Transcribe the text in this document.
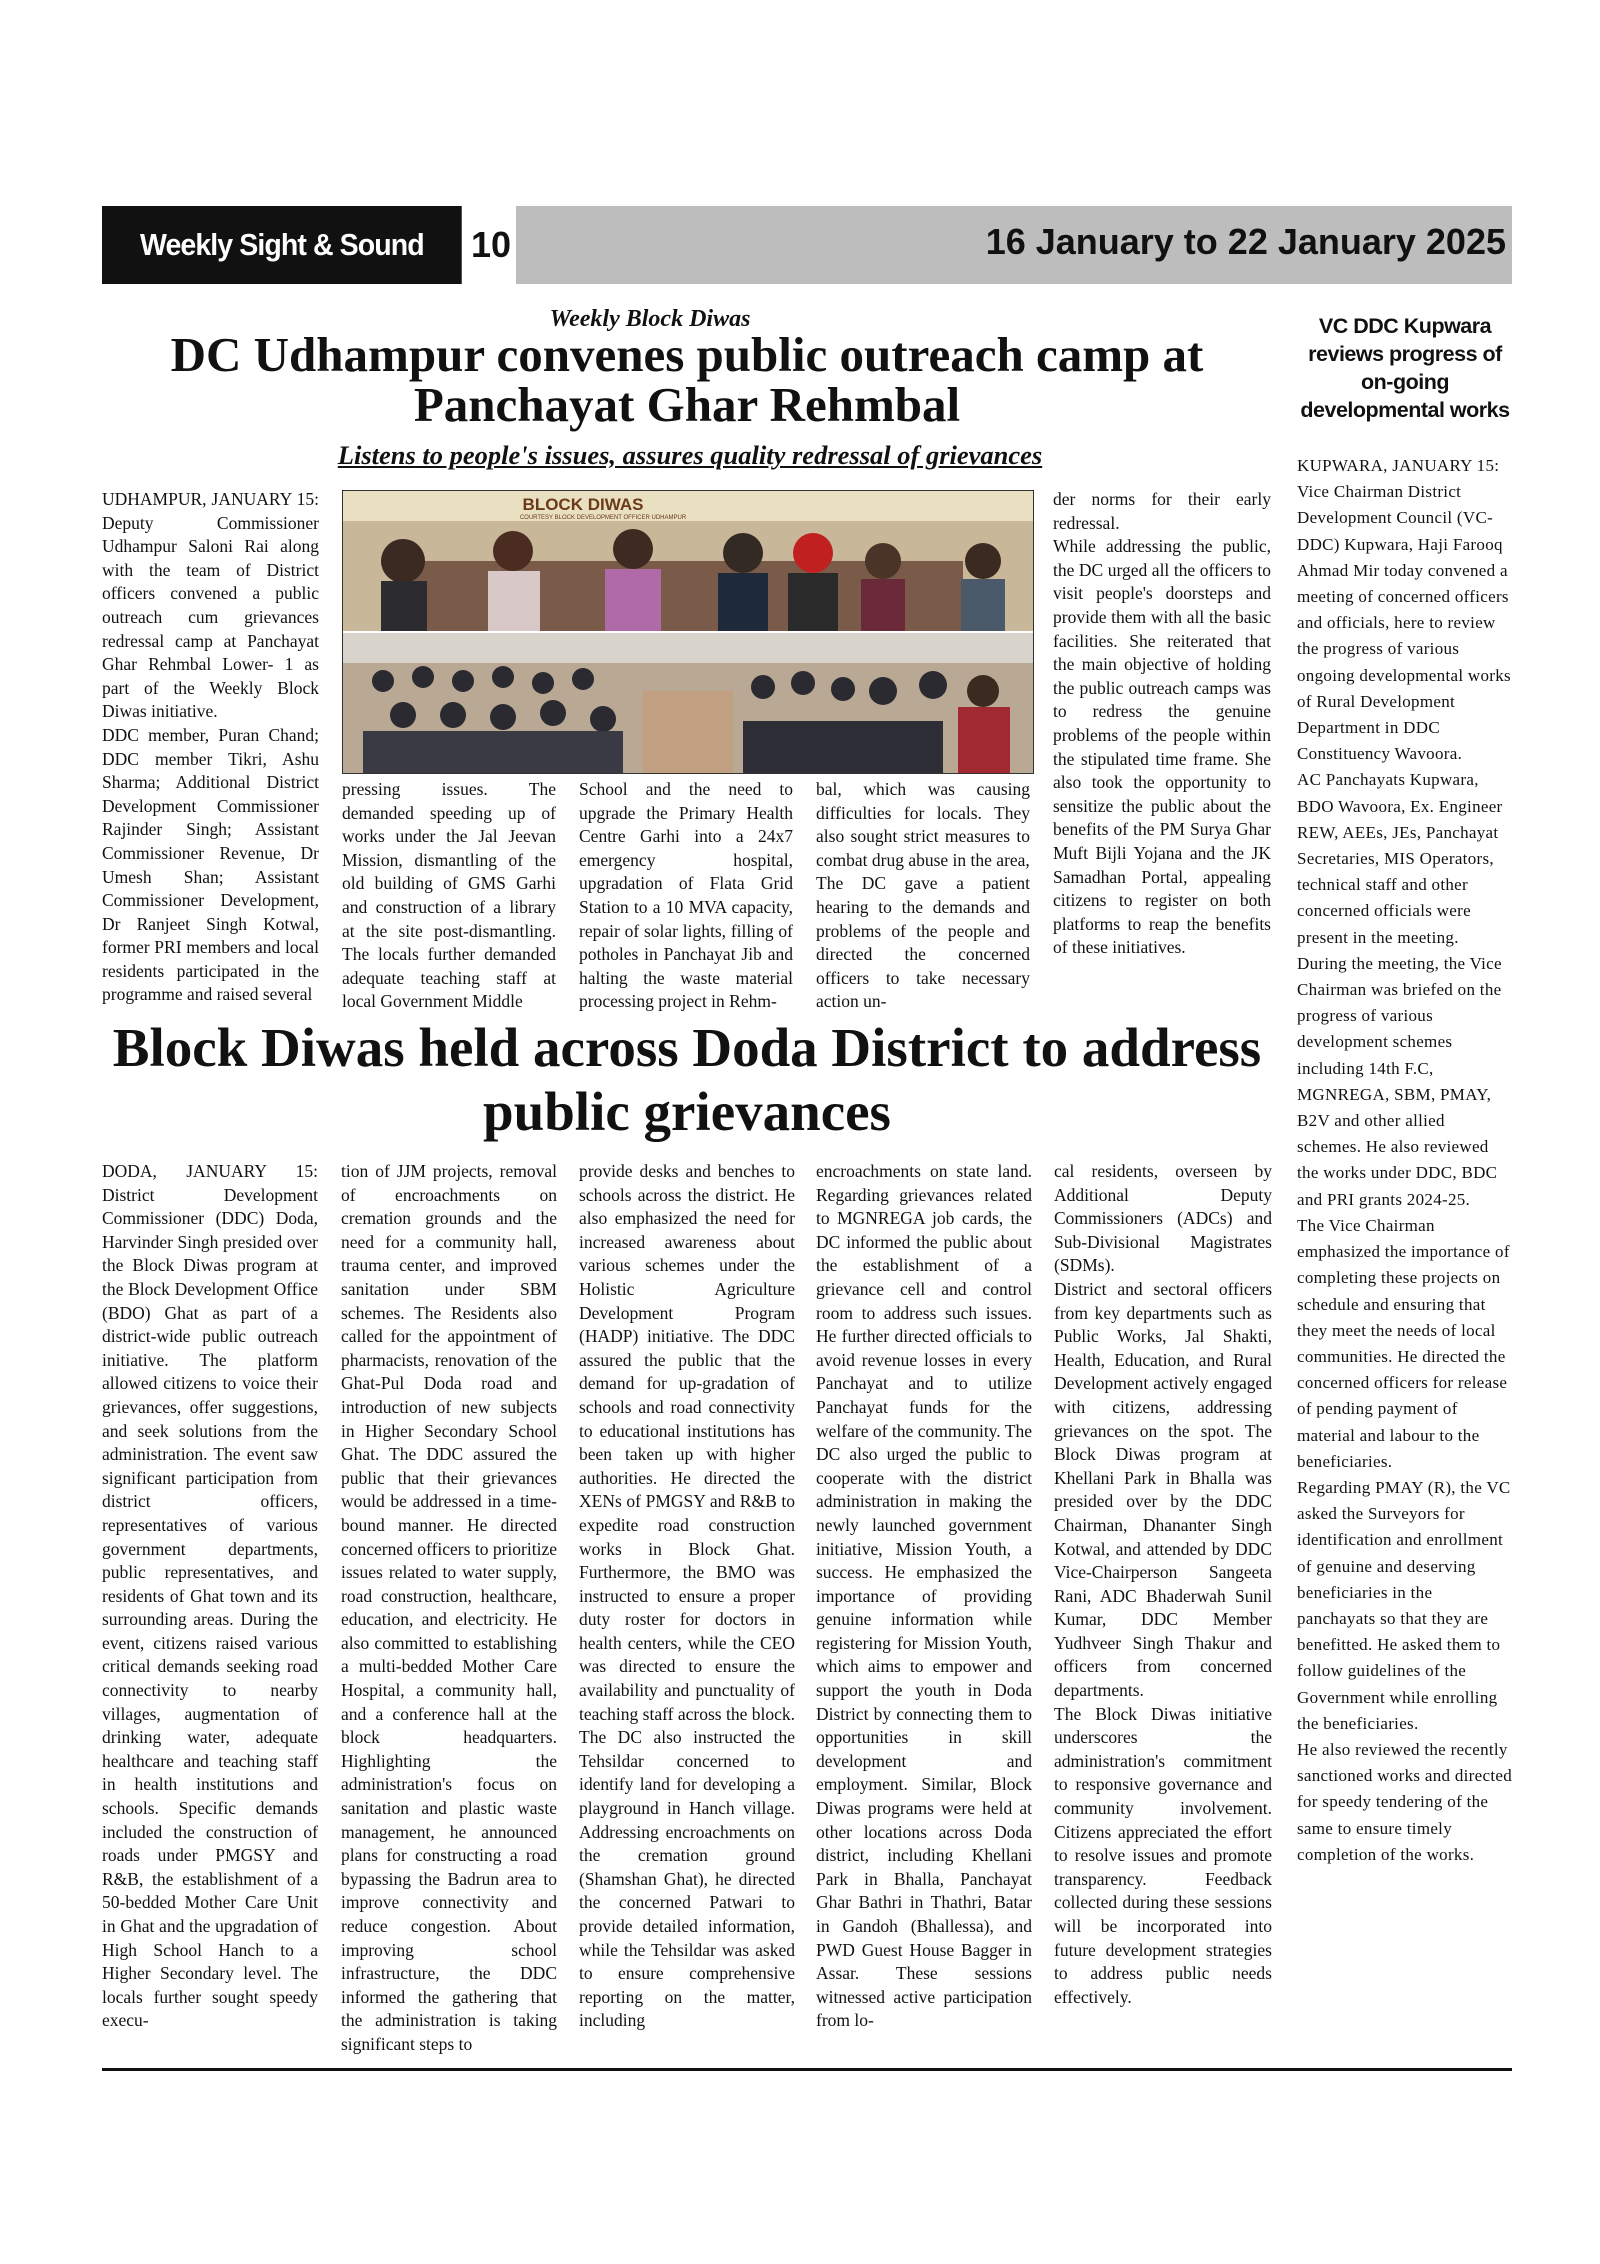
Weekly Sight & Sound	10	16 January to 22 January 2025
Weekly Block Diwas
DC Udhampur convenes public outreach camp at Panchayat Ghar Rehmbal
Listens to people's issues, assures quality redressal of grievances

UDHAMPUR, JANUARY 15: Deputy Commissioner Udhampur Saloni Rai along with the team of District officers convened a public outreach cum grievances redressal camp at Panchayat Ghar Rehmbal Lower- 1 as part of the Weekly Block Diwas initiative.

DDC member, Puran Chand; DDC member Tikri, Ashu Sharma; Additional District Development Commissioner Rajinder Singh; Assistant Commissioner Revenue, Dr Umesh Shan; Assistant Commissioner Development, Dr Ranjeet Singh Kotwal, former PRI members and local residents participated in the programme and raised several

BLOCK DIWAS
COURTESY BLOCK DEVELOPMENT OFFICER UDHAMPUR

pressing issues. The demanded speeding up of works under the Jal Jeevan Mission, dismantling of the old building of GMS Garhi and construction of a library at the site post-dismantling. The locals further demanded adequate teaching staff at local Government Middle

School and the need to upgrade the Primary Health Centre Garhi into a 24x7 emergency hospital, upgradation of Flata Grid Station to a 10 MVA capacity, repair of solar lights, filling of potholes in Panchayat Jib and halting the waste material processing project in Rehm-

bal, which was causing difficulties for locals. They also sought strict measures to combat drug abuse in the area,

The DC gave a patient hearing to the demands and problems of the people and directed the concerned officers to take necessary action un-

der norms for their early redressal.

While addressing the public, the DC urged all the officers to visit people's doorsteps and provide them with all the basic facilities. She reiterated that the main objective of holding the public outreach camps was to redress the genuine problems of the people within the stipulated time frame. She also took the opportunity to sensitize the public about the benefits of the PM Surya Ghar Muft Bijli Yojana and the JK Samadhan Portal, appealing citizens to register on both platforms to reap the benefits of these initiatives.

Block Diwas held across Doda District to address public grievances

DODA, JANUARY 15: District Development Commissioner (DDC) Doda, Harvinder Singh presided over the Block Diwas program at the Block Development Office (BDO) Ghat as part of a district-wide public outreach initiative. The platform allowed citizens to voice their grievances, offer suggestions, and seek solutions from the administration. The event saw significant participation from district officers, representatives of various government departments, public representatives, and residents of Ghat town and its surrounding areas. During the event, citizens raised various critical demands seeking road connectivity to nearby villages, augmentation of drinking water, adequate healthcare and teaching staff in health institutions and schools. Specific demands included the construction of roads under PMGSY and R&B, the establishment of a 50-bedded Mother Care Unit in Ghat and the upgradation of High School Hanch to a Higher Secondary level. The locals further sought speedy execu-

tion of JJM projects, removal of encroachments on cremation grounds and the need for a community hall, trauma center, and improved sanitation under SBM schemes. The Residents also called for the appointment of pharmacists, renovation of the Ghat-Pul Doda road and introduction of new subjects in Higher Secondary School Ghat. The DDC assured the public that their grievances would be addressed in a time-bound manner. He directed concerned officers to prioritize issues related to water supply, road construction, healthcare, education, and electricity. He also committed to establishing a multi-bedded Mother Care Hospital, a community hall, and a conference hall at the block headquarters. Highlighting the administration's focus on sanitation and plastic waste management, he announced plans for constructing a road bypassing the Badrun area to improve connectivity and reduce congestion. About improving school infrastructure, the DDC informed the gathering that the administration is taking significant steps to

provide desks and benches to schools across the district. He also emphasized the need for increased awareness about various schemes under the Holistic Agriculture Development Program (HADP) initiative. The DDC assured the public that the demand for up-gradation of schools and road connectivity to educational institutions has been taken up with higher authorities. He directed the XENs of PMGSY and R&B to expedite road construction works in Block Ghat. Furthermore, the BMO was instructed to ensure a proper duty roster for doctors in health centers, while the CEO was directed to ensure the availability and punctuality of teaching staff across the block. The DC also instructed the Tehsildar concerned to identify land for developing a playground in Hanch village. Addressing encroachments on the cremation ground (Shamshan Ghat), he directed the concerned Patwari to provide detailed information, while the Tehsildar was asked to ensure comprehensive reporting on the matter, including

encroachments on state land. Regarding grievances related to MGNREGA job cards, the DC informed the public about the establishment of a grievance cell and control room to address such issues. He further directed officials to avoid revenue losses in every Panchayat and to utilize Panchayat funds for the welfare of the community. The DC also urged the public to cooperate with the district administration in making the newly launched government initiative, Mission Youth, a success. He emphasized the importance of providing genuine information while registering for Mission Youth, which aims to empower and support the youth in Doda District by connecting them to opportunities in skill development and employment. Similar, Block Diwas programs were held at other locations across Doda district, including Khellani Park in Bhalla, Panchayat Ghar Bathri in Thathri, Batar in Gandoh (Bhallessa), and PWD Guest House Bagger in Assar. These sessions witnessed active participation from lo-

cal residents, overseen by Additional Deputy Commissioners (ADCs) and Sub-Divisional Magistrates (SDMs).

District and sectoral officers from key departments such as Public Works, Jal Shakti, Health, Education, and Rural Development actively engaged with citizens, addressing grievances on the spot. The Block Diwas program at Khellani Park in Bhalla was presided over by the DDC Chairman, Dhananter Singh Kotwal, and attended by DDC Vice-Chairperson Sangeeta Rani, ADC Bhaderwah Sunil Kumar, DDC Member Yudhveer Singh Thakur and officers from concerned departments.

The Block Diwas initiative underscores the administration's commitment to responsive governance and community involvement. Citizens appreciated the effort to resolve issues and promote transparency. Feedback collected during these sessions will be incorporated into future development strategies to address public needs effectively.

VC DDC Kupwara reviews progress of on-going developmental works

KUPWARA, JANUARY 15: Vice Chairman District Development Council (VC-DDC) Kupwara, Haji Farooq Ahmad Mir today convened a meeting of concerned officers and officials, here to review the progress of various ongoing developmental works of Rural Development Department in DDC Constituency Wavoora.

AC Panchayats Kupwara, BDO Wavoora, Ex. Engineer REW, AEEs, JEs, Panchayat Secretaries, MIS Operators, technical staff and other concerned officials were present in the meeting.

During the meeting, the Vice Chairman was briefed on the progress of various development schemes including 14th F.C, MGNREGA, SBM, PMAY, B2V and other allied schemes. He also reviewed the works under DDC, BDC and PRI grants 2024-25.

The Vice Chairman emphasized the importance of completing these projects on schedule and ensuring that they meet the needs of local communities. He directed the concerned officers for release of pending payment of material and labour to the beneficiaries.

Regarding PMAY (R), the VC asked the Surveyors for identification and enrollment of genuine and deserving beneficiaries in the panchayats so that they are benefitted. He asked them to follow guidelines of the Government while enrolling the beneficiaries.

He also reviewed the recently sanctioned works and directed for speedy tendering of the same to ensure timely completion of the works.
